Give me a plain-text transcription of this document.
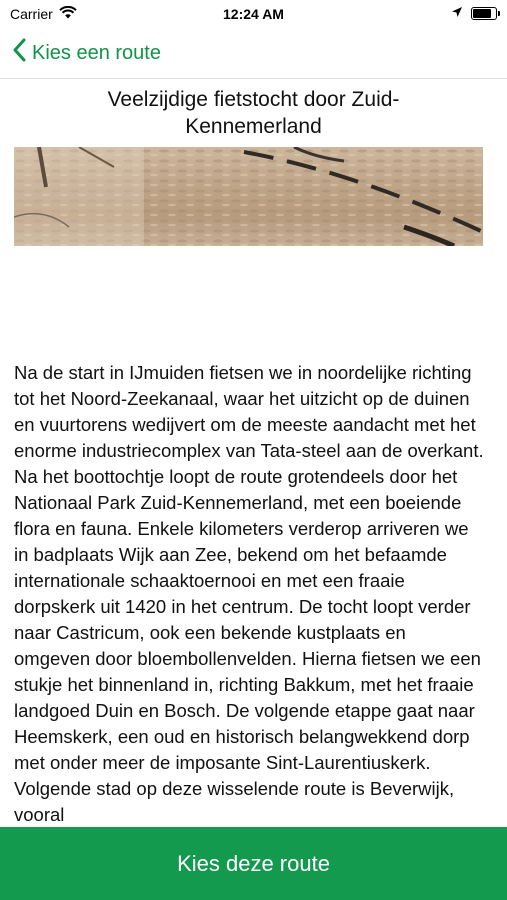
Carrier	12:24 AM
Kies een route
Veelzijdige fietstocht door Zuid-Kennemerland
Na de start in IJmuiden fietsen we in noordelijke richting tot het Noord-Zeekanaal, waar het uitzicht op de duinen en vuurtorens wedijvert om de meeste aandacht met het enorme industriecomplex van Tata-steel aan de overkant. Na het boottochtje loopt de route grotendeels door het Nationaal Park Zuid-Kennemerland, met een boeiende flora en fauna. Enkele kilometers verderop arriveren we in badplaats Wijk aan Zee, bekend om het befaamde internationale schaaktoernooi en met een fraaie dorpskerk uit 1420 in het centrum. De tocht loopt verder naar Castricum, ook een bekende kustplaats en omgeven door bloembollenvelden. Hierna fietsen we een stukje het binnenland in, richting Bakkum, met het fraaie landgoed Duin en Bosch. De volgende etappe gaat naar Heemskerk, een oud en historisch belangwekkend dorp met onder meer de imposante Sint-Laurentiuskerk. Volgende stad op deze wisselende route is Beverwijk, vooral
Kies deze route
